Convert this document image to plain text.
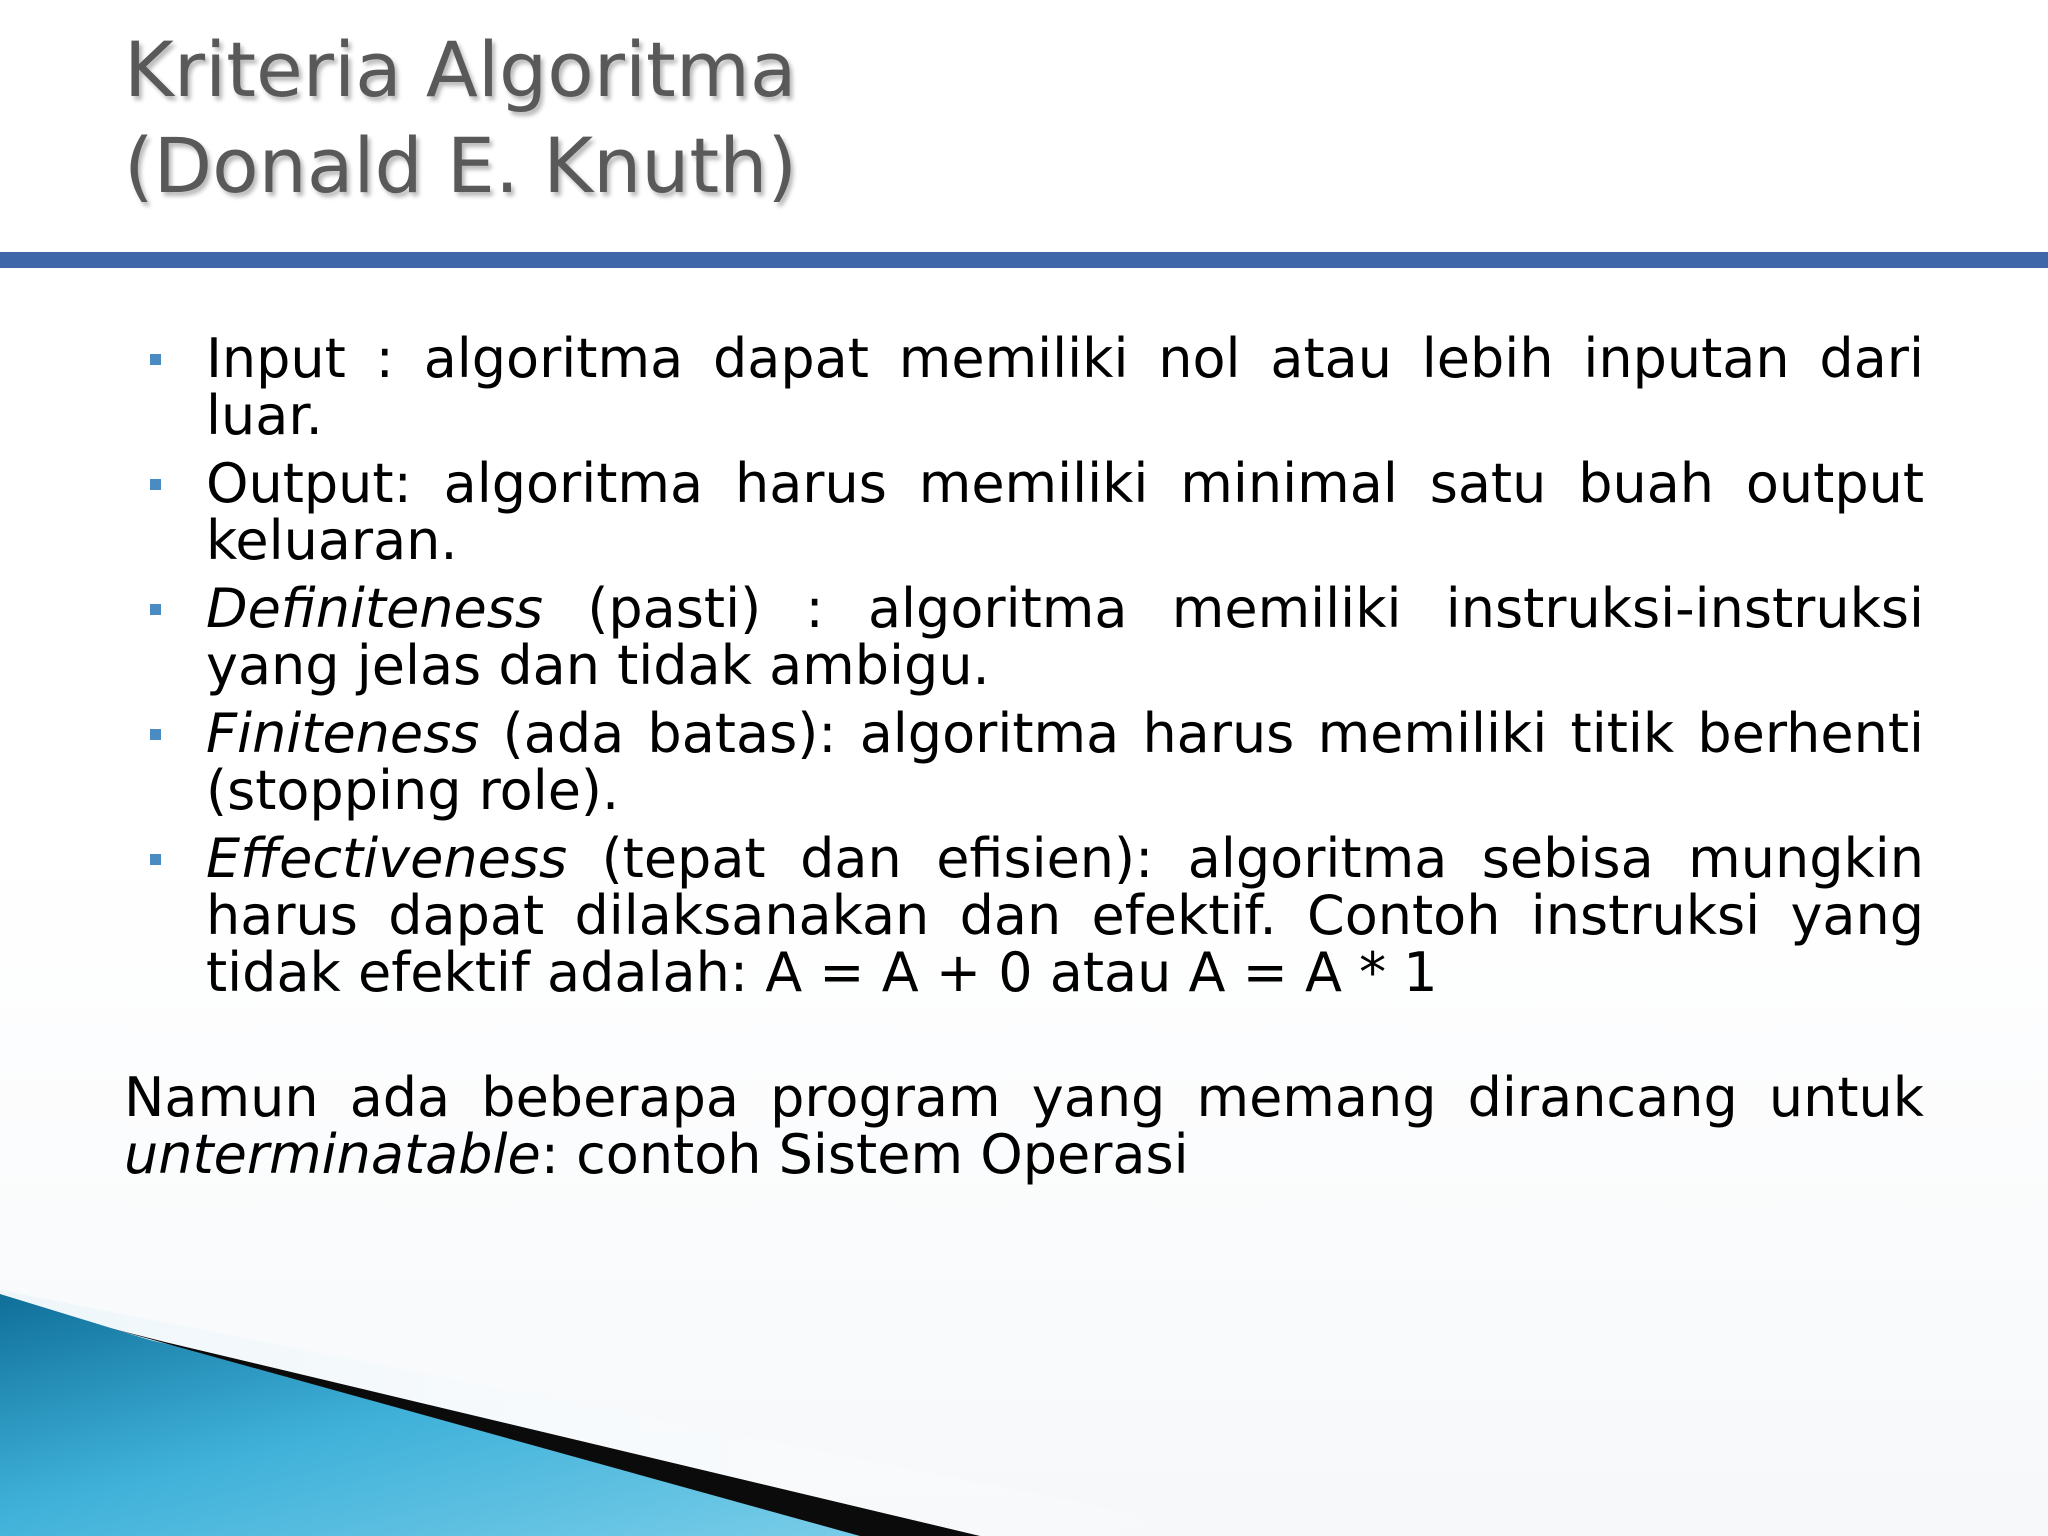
Kriteria Algoritma
(Donald E. Knuth)
Input : algoritma dapat memiliki nol atau lebih inputan dari luar.
Output: algoritma harus memiliki minimal satu buah output keluaran.
Definiteness (pasti) : algoritma memiliki instruksi-instruksi yang jelas dan tidak ambigu.
Finiteness (ada batas): algoritma harus memiliki titik berhenti (stopping role).
Effectiveness (tepat dan efisien): algoritma sebisa mungkin harus dapat dilaksanakan dan efektif. Contoh instruksi yang tidak efektif adalah: A = A + 0 atau A = A * 1
Namun ada beberapa program yang memang dirancang untuk unterminatable: contoh Sistem Operasi
